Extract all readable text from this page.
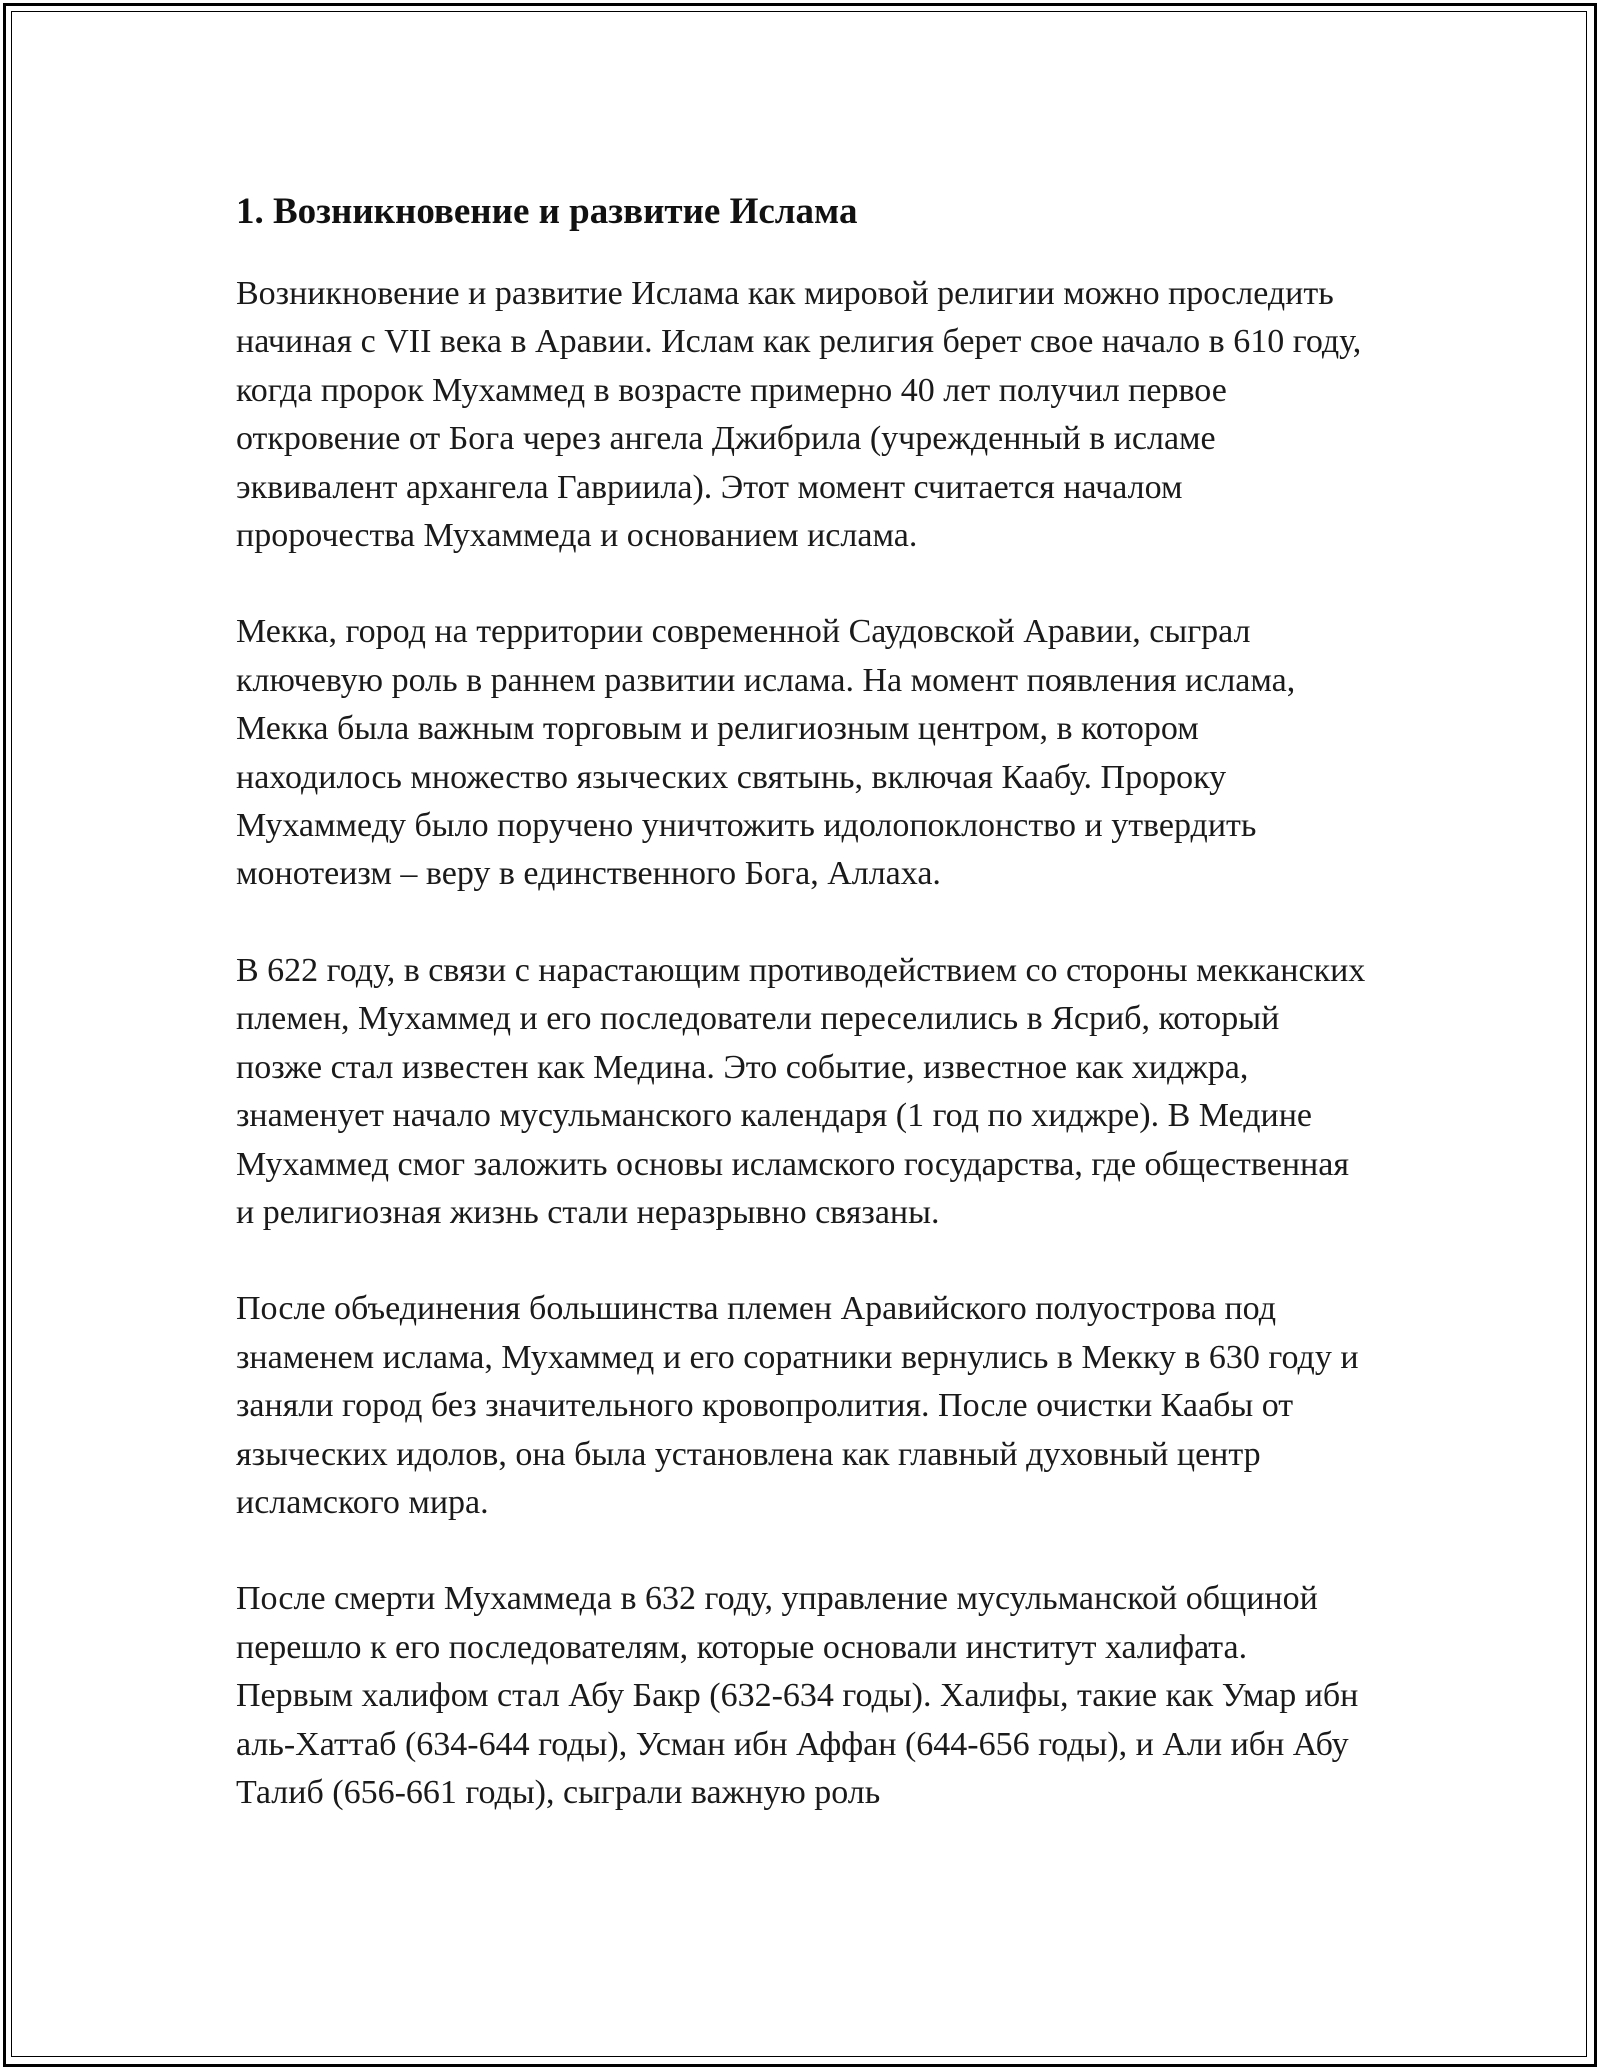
1. Возникновение и развитие Ислама

Возникновение и развитие Ислама как мировой религии можно проследить начиная с VII века в Аравии. Ислам как религия берет свое начало в 610 году, когда пророк Мухаммед в возрасте примерно 40 лет получил первое откровение от Бога через ангела Джибрила (учрежденный в исламе эквивалент архангела Гавриила). Этот момент считается началом пророчества Мухаммеда и основанием ислама.

Мекка, город на территории современной Саудовской Аравии, сыграл ключевую роль в раннем развитии ислама. На момент появления ислама, Мекка была важным торговым и религиозным центром, в котором находилось множество языческих святынь, включая Каабу. Пророку Мухаммеду было поручено уничтожить идолопоклонство и утвердить монотеизм – веру в единственного Бога, Аллаха.

В 622 году, в связи с нарастающим противодействием со стороны мекканских племен, Мухаммед и его последователи переселились в Ясриб, который позже стал известен как Медина. Это событие, известное как хиджра, знаменует начало мусульманского календаря (1 год по хиджре). В Медине Мухаммед смог заложить основы исламского государства, где общественная и религиозная жизнь стали неразрывно связаны.

После объединения большинства племен Аравийского полуострова под знаменем ислама, Мухаммед и его соратники вернулись в Мекку в 630 году и заняли город без значительного кровопролития. После очистки Каабы от языческих идолов, она была установлена как главный духовный центр исламского мира.

После смерти Мухаммеда в 632 году, управление мусульманской общиной перешло к его последователям, которые основали институт халифата. Первым халифом стал Абу Бакр (632-634 годы). Халифы, такие как Умар ибн аль-Хаттаб (634-644 годы), Усман ибн Аффан (644-656 годы), и Али ибн Абу Талиб (656-661 годы), сыграли важную роль
